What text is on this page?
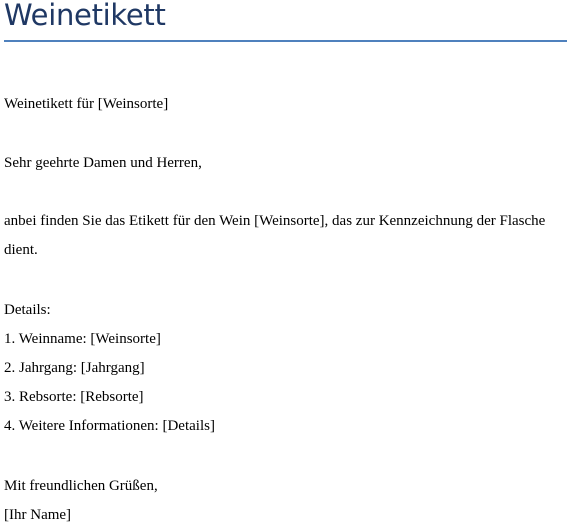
Weinetikett
Weinetikett für [Weinsorte]
Sehr geehrte Damen und Herren,
anbei finden Sie das Etikett für den Wein [Weinsorte], das zur Kennzeichnung der Flasche
dient.
Details:
1. Weinname: [Weinsorte]
2. Jahrgang: [Jahrgang]
3. Rebsorte: [Rebsorte]
4. Weitere Informationen: [Details]
Mit freundlichen Grüßen,
[Ihr Name]
